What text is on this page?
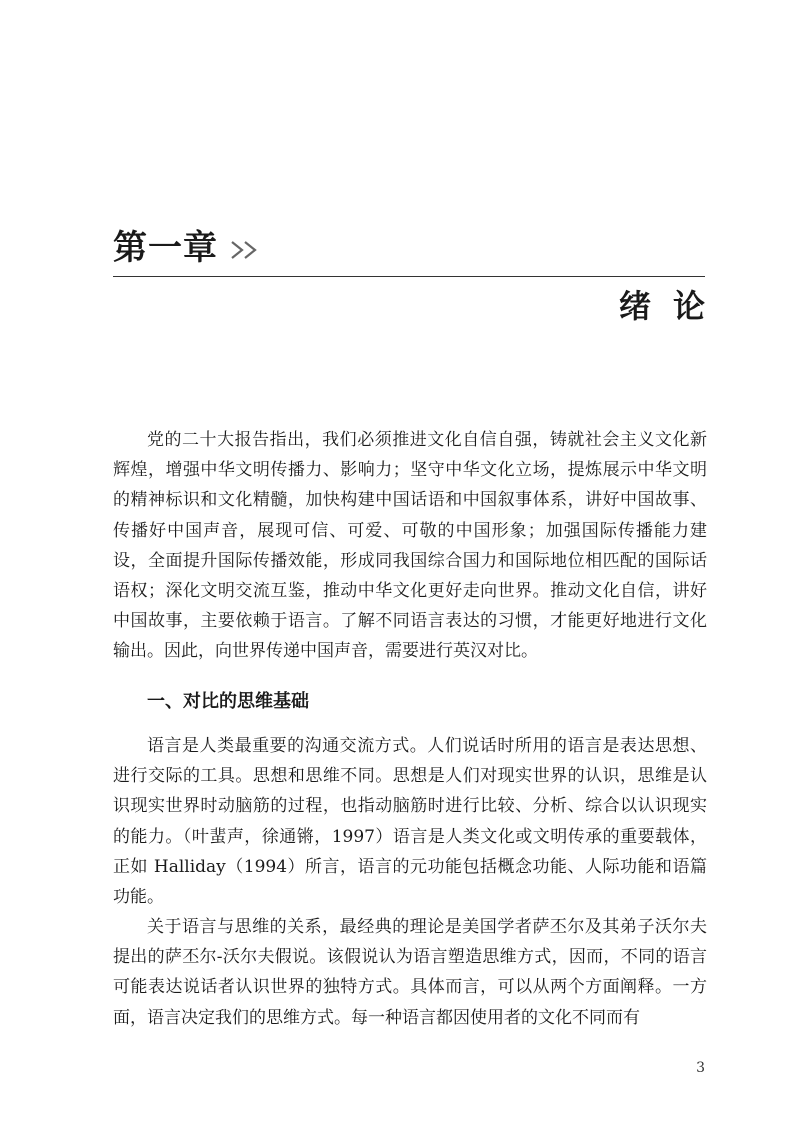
第一章
绪论

党的二十大报告指出，我们必须推进文化自信自强，铸就社会主义文化新辉煌，增强中华文明传播力、影响力；坚守中华文化立场，提炼展示中华文明的精神标识和文化精髓，加快构建中国话语和中国叙事体系，讲好中国故事、传播好中国声音，展现可信、可爱、可敬的中国形象；加强国际传播能力建设，全面提升国际传播效能，形成同我国综合国力和国际地位相匹配的国际话语权；深化文明交流互鉴，推动中华文化更好走向世界。推动文化自信，讲好中国故事，主要依赖于语言。了解不同语言表达的习惯，才能更好地进行文化输出。因此，向世界传递中国声音，需要进行英汉对比。

一、对比的思维基础

语言是人类最重要的沟通交流方式。人们说话时所用的语言是表达思想、进行交际的工具。思想和思维不同。思想是人们对现实世界的认识，思维是认识现实世界时动脑筋的过程，也指动脑筋时进行比较、分析、综合以认识现实的能力。（叶蜚声，徐通锵，1997）语言是人类文化或文明传承的重要载体，正如 Halliday（1994）所言，语言的元功能包括概念功能、人际功能和语篇功能。

关于语言与思维的关系，最经典的理论是美国学者萨丕尔及其弟子沃尔夫提出的萨丕尔-沃尔夫假说。该假说认为语言塑造思维方式，因而，不同的语言可能表达说话者认识世界的独特方式。具体而言，可以从两个方面阐释。一方面，语言决定我们的思维方式。每一种语言都因使用者的文化不同而有

3
